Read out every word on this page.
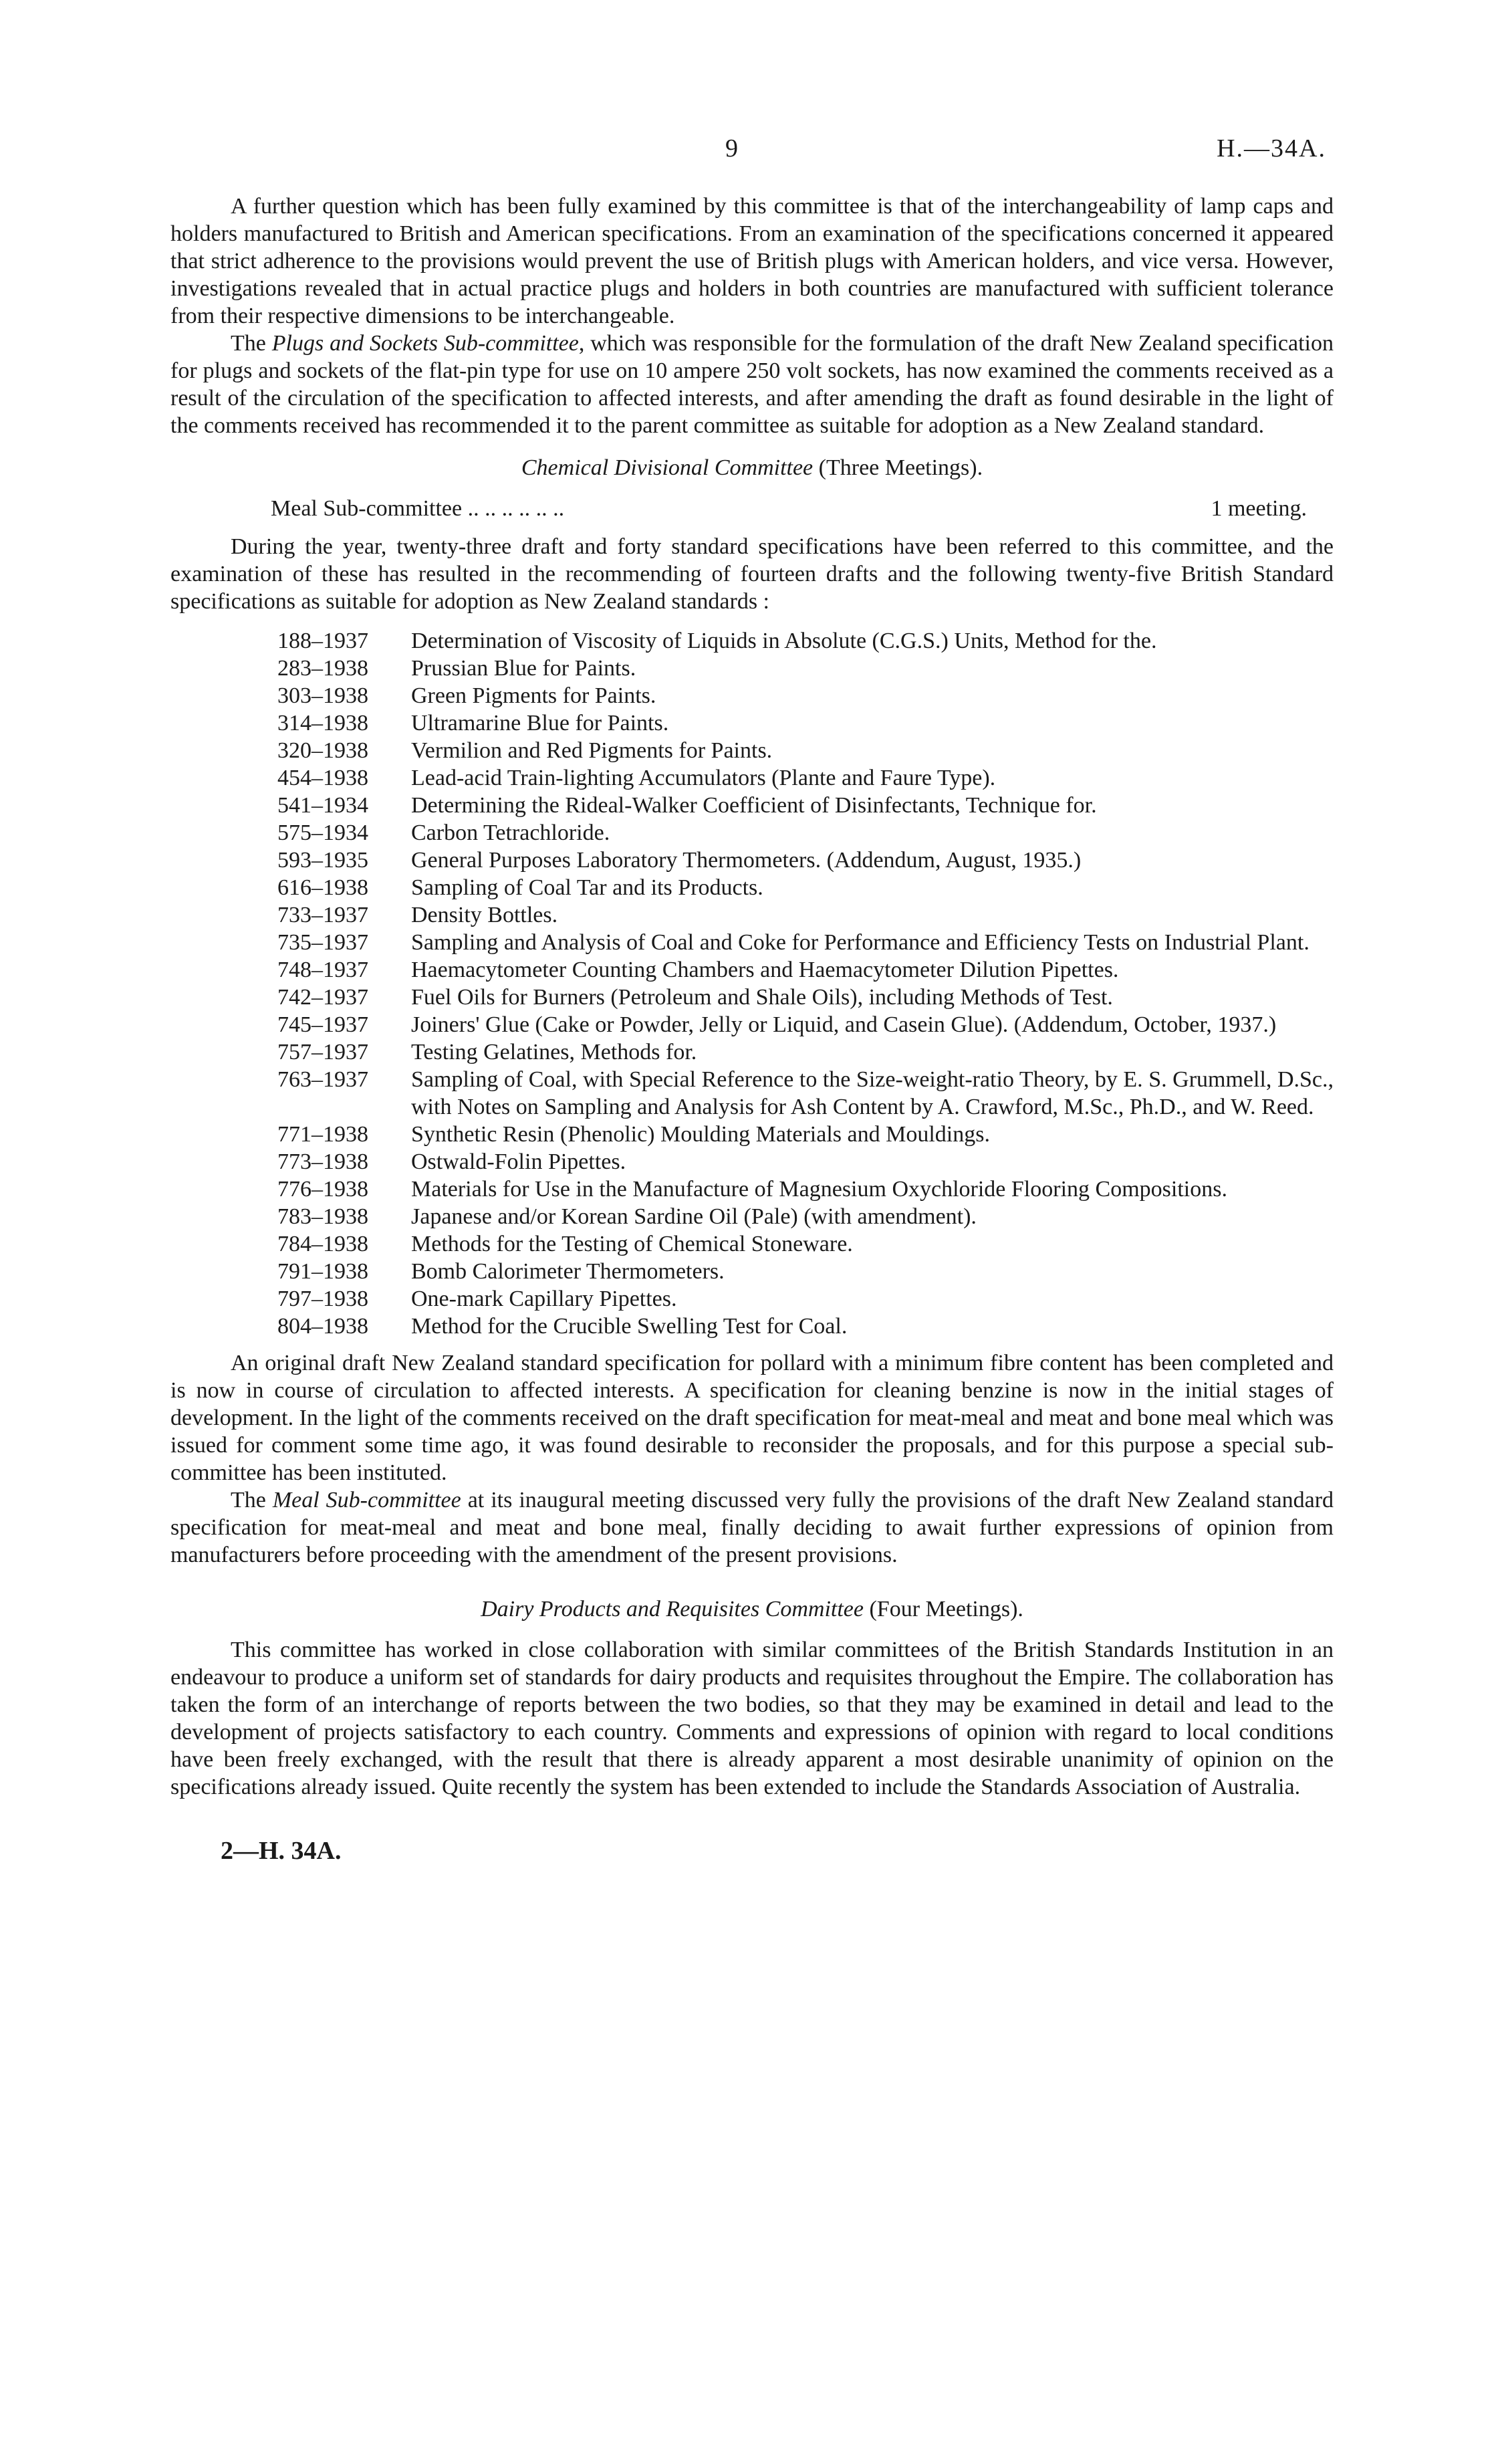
9	H.—34A.

A further question which has been fully examined by this committee is that of the interchangeability of lamp caps and holders manufactured to British and American specifications. From an examination of the specifications concerned it appeared that strict adherence to the provisions would prevent the use of British plugs with American holders, and vice versa. However, investigations revealed that in actual practice plugs and holders in both countries are manufactured with sufficient tolerance from their respective dimensions to be interchangeable.

The Plugs and Sockets Sub-committee, which was responsible for the formulation of the draft New Zealand specification for plugs and sockets of the flat-pin type for use on 10 ampere 250 volt sockets, has now examined the comments received as a result of the circulation of the specification to affected interests, and after amending the draft as found desirable in the light of the comments received has recommended it to the parent committee as suitable for adoption as a New Zealand standard.

Chemical Divisional Committee (Three Meetings).
Meal Sub-committee .. .. .. .. .. ..	1 meeting.

During the year, twenty-three draft and forty standard specifications have been referred to this committee, and the examination of these has resulted in the recommending of fourteen drafts and the following twenty-five British Standard specifications as suitable for adoption as New Zealand standards :

188–1937	Determination of Viscosity of Liquids in Absolute (C.G.S.) Units, Method for the.
283–1938	Prussian Blue for Paints.
303–1938	Green Pigments for Paints.
314–1938	Ultramarine Blue for Paints.
320–1938	Vermilion and Red Pigments for Paints.
454–1938	Lead-acid Train-lighting Accumulators (Plante and Faure Type).
541–1934	Determining the Rideal-Walker Coefficient of Disinfectants, Technique for.
575–1934	Carbon Tetrachloride.
593–1935	General Purposes Laboratory Thermometers. (Addendum, August, 1935.)
616–1938	Sampling of Coal Tar and its Products.
733–1937	Density Bottles.
735–1937	Sampling and Analysis of Coal and Coke for Performance and Efficiency Tests on Industrial Plant.
748–1937	Haemacytometer Counting Chambers and Haemacytometer Dilution Pipettes.
742–1937	Fuel Oils for Burners (Petroleum and Shale Oils), including Methods of Test.
745–1937	Joiners' Glue (Cake or Powder, Jelly or Liquid, and Casein Glue). (Addendum, October, 1937.)
757–1937	Testing Gelatines, Methods for.
763–1937	Sampling of Coal, with Special Reference to the Size-weight-ratio Theory, by E. S. Grummell, D.Sc., with Notes on Sampling and Analysis for Ash Content by A. Crawford, M.Sc., Ph.D., and W. Reed.
771–1938	Synthetic Resin (Phenolic) Moulding Materials and Mouldings.
773–1938	Ostwald-Folin Pipettes.
776–1938	Materials for Use in the Manufacture of Magnesium Oxychloride Flooring Compositions.
783–1938	Japanese and/or Korean Sardine Oil (Pale) (with amendment).
784–1938	Methods for the Testing of Chemical Stoneware.
791–1938	Bomb Calorimeter Thermometers.
797–1938	One-mark Capillary Pipettes.
804–1938	Method for the Crucible Swelling Test for Coal.

An original draft New Zealand standard specification for pollard with a minimum fibre content has been completed and is now in course of circulation to affected interests. A specification for cleaning benzine is now in the initial stages of development. In the light of the comments received on the draft specification for meat-meal and meat and bone meal which was issued for comment some time ago, it was found desirable to reconsider the proposals, and for this purpose a special sub-committee has been instituted.

The Meal Sub-committee at its inaugural meeting discussed very fully the provisions of the draft New Zealand standard specification for meat-meal and meat and bone meal, finally deciding to await further expressions of opinion from manufacturers before proceeding with the amendment of the present provisions.

Dairy Products and Requisites Committee (Four Meetings).

This committee has worked in close collaboration with similar committees of the British Standards Institution in an endeavour to produce a uniform set of standards for dairy products and requisites throughout the Empire. The collaboration has taken the form of an interchange of reports between the two bodies, so that they may be examined in detail and lead to the development of projects satisfactory to each country. Comments and expressions of opinion with regard to local conditions have been freely exchanged, with the result that there is already apparent a most desirable unanimity of opinion on the specifications already issued. Quite recently the system has been extended to include the Standards Association of Australia.

2—H. 34A.
